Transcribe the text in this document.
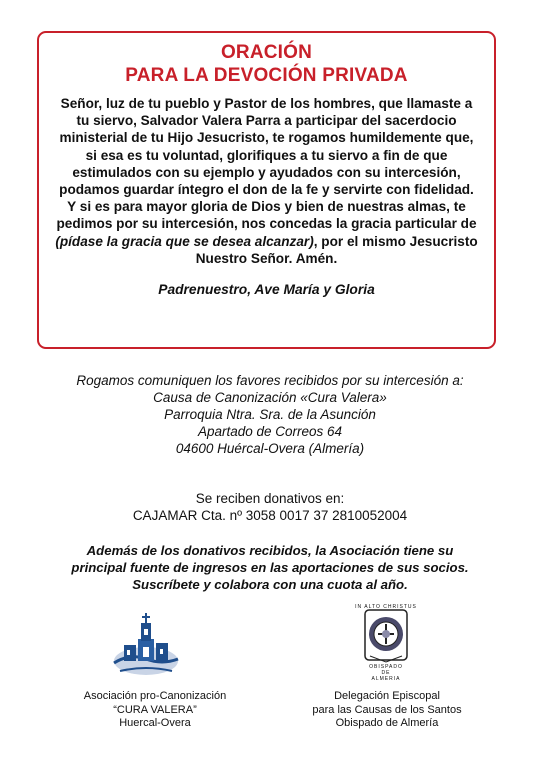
ORACIÓN
PARA LA DEVOCIÓN PRIVADA
Señor, luz de tu pueblo y Pastor de los hombres, que llamaste a tu siervo, Salvador Valera Parra a participar del sacerdocio ministerial de tu Hijo Jesucristo, te rogamos humildemente que, si esa es tu voluntad, glorifiques a tu siervo a fin de que estimulados con su ejemplo y ayudados con su intercesión, podamos guardar íntegro el don de la fe y servirte con fidelidad. Y si es para mayor gloria de Dios y bien de nuestras almas, te pedimos por su intercesión, nos concedas la gracia particular de (pídase la gracia que se desea alcanzar), por el mismo Jesucristo Nuestro Señor. Amén.
Padrenuestro, Ave María y Gloria
Rogamos comuniquen los favores recibidos por su intercesión a:
Causa de Canonización «Cura Valera»
Parroquia Ntra. Sra. de la Asunción
Apartado de Correos 64
04600 Huércal-Overa (Almería)
Se reciben donativos en:
CAJAMAR Cta. nº 3058 0017 37 2810052004
Además de los donativos recibidos, la Asociación tiene su
principal fuente de ingresos en las aportaciones de sus socios.
Suscríbete y colabora con una cuota al año.
IN ALTO CHRISTUS
OBISPADO
DE
ALMERIA
Asociación pro-Canonización
“CURA VALERA”
Huercal-Overa
Delegación Episcopal
para las Causas de los Santos
Obispado de Almería
